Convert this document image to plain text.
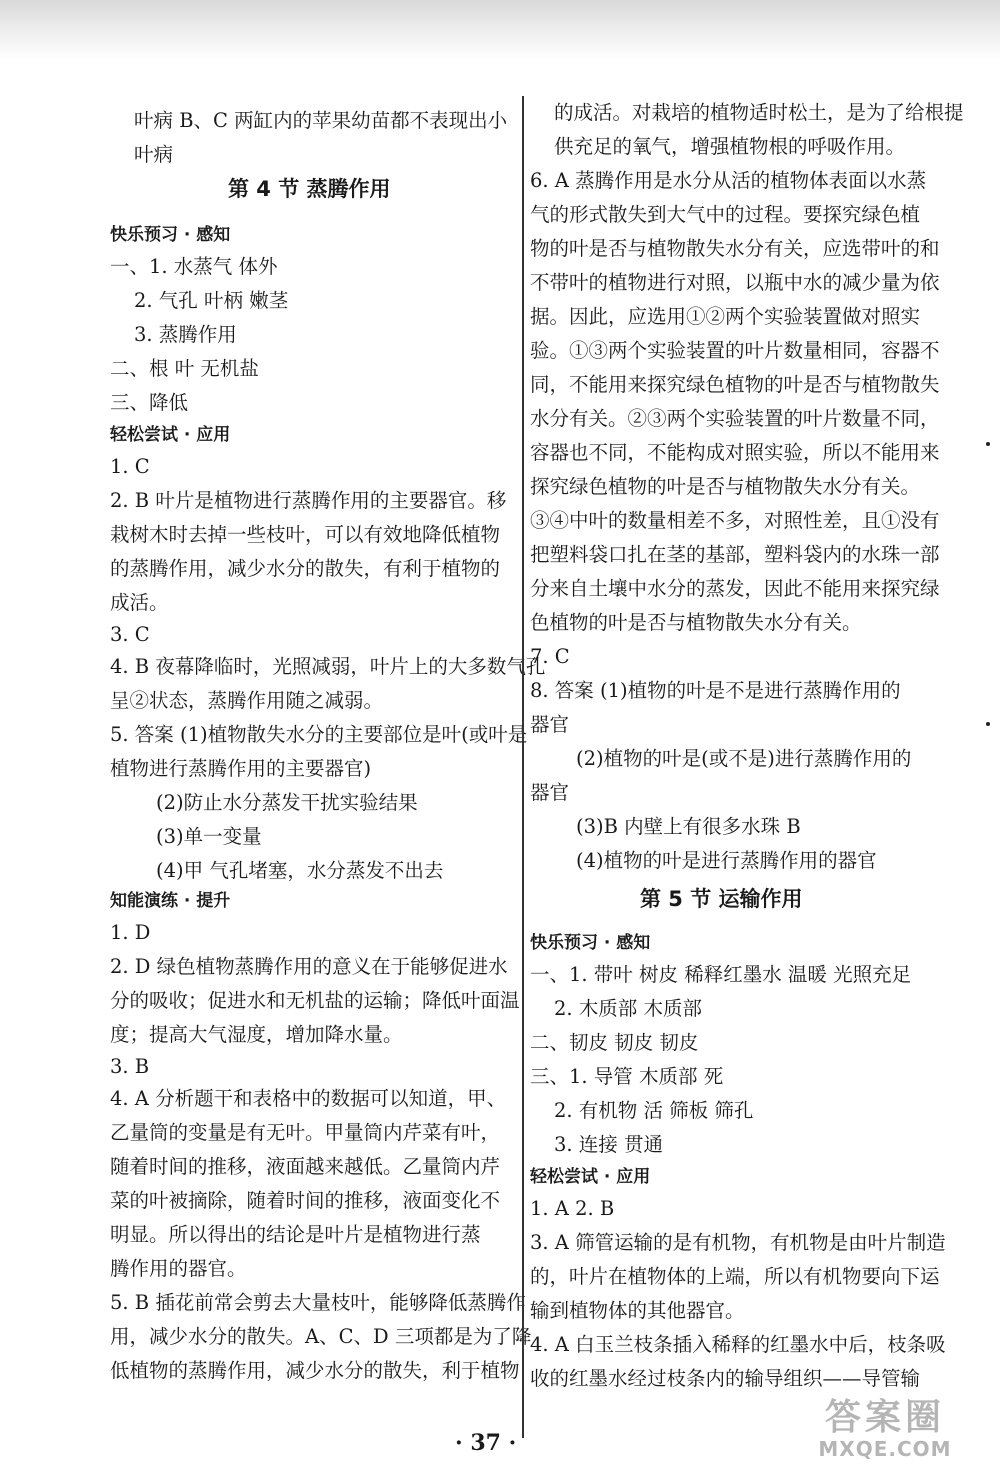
叶病 B、C 两缸内的苹果幼苗都不表现出小
叶病
第 4 节 蒸腾作用
快乐预习 · 感知
一、1. 水蒸气 体外
2. 气孔 叶柄 嫩茎
3. 蒸腾作用
二、根 叶 无机盐
三、降低
轻松尝试 · 应用
1. C
2. B 叶片是植物进行蒸腾作用的主要器官。移
栽树木时去掉一些枝叶，可以有效地降低植物
的蒸腾作用，减少水分的散失，有利于植物的
成活。
3. C
4. B 夜幕降临时，光照减弱，叶片上的大多数气孔
呈②状态，蒸腾作用随之减弱。
5. 答案 (1)植物散失水分的主要部位是叶(或叶是
植物进行蒸腾作用的主要器官)
(2)防止水分蒸发干扰实验结果
(3)单一变量
(4)甲 气孔堵塞，水分蒸发不出去
知能演练 · 提升
1. D
2. D 绿色植物蒸腾作用的意义在于能够促进水
分的吸收；促进水和无机盐的运输；降低叶面温
度；提高大气湿度，增加降水量。
3. B
4. A 分析题干和表格中的数据可以知道，甲、
乙量筒的变量是有无叶。甲量筒内芹菜有叶，
随着时间的推移，液面越来越低。乙量筒内芹
菜的叶被摘除，随着时间的推移，液面变化不
明显。所以得出的结论是叶片是植物进行蒸
腾作用的器官。
5. B 插花前常会剪去大量枝叶，能够降低蒸腾作
用，减少水分的散失。A、C、D 三项都是为了降
低植物的蒸腾作用，减少水分的散失，利于植物
的成活。对栽培的植物适时松土，是为了给根提
供充足的氧气，增强植物根的呼吸作用。
6. A 蒸腾作用是水分从活的植物体表面以水蒸
气的形式散失到大气中的过程。要探究绿色植
物的叶是否与植物散失水分有关，应选带叶的和
不带叶的植物进行对照，以瓶中水的减少量为依
据。因此，应选用①②两个实验装置做对照实
验。①③两个实验装置的叶片数量相同，容器不
同，不能用来探究绿色植物的叶是否与植物散失
水分有关。②③两个实验装置的叶片数量不同，
容器也不同，不能构成对照实验，所以不能用来
探究绿色植物的叶是否与植物散失水分有关。
③④中叶的数量相差不多，对照性差，且①没有
把塑料袋口扎在茎的基部，塑料袋内的水珠一部
分来自土壤中水分的蒸发，因此不能用来探究绿
色植物的叶是否与植物散失水分有关。
7. C
8. 答案 (1)植物的叶是不是进行蒸腾作用的
器官
(2)植物的叶是(或不是)进行蒸腾作用的
器官
(3)B 内壁上有很多水珠 B
(4)植物的叶是进行蒸腾作用的器官
第 5 节 运输作用
快乐预习 · 感知
一、1. 带叶 树皮 稀释红墨水 温暖 光照充足
2. 木质部 木质部
二、韧皮 韧皮 韧皮
三、1. 导管 木质部 死
2. 有机物 活 筛板 筛孔
3. 连接 贯通
轻松尝试 · 应用
1. A 2. B
3. A 筛管运输的是有机物，有机物是由叶片制造
的，叶片在植物体的上端，所以有机物要向下运
输到植物体的其他器官。
4. A 白玉兰枝条插入稀释的红墨水中后，枝条吸
收的红墨水经过枝条内的输导组织——导管输
· 37 ·
答案圈
MXQE.COM
